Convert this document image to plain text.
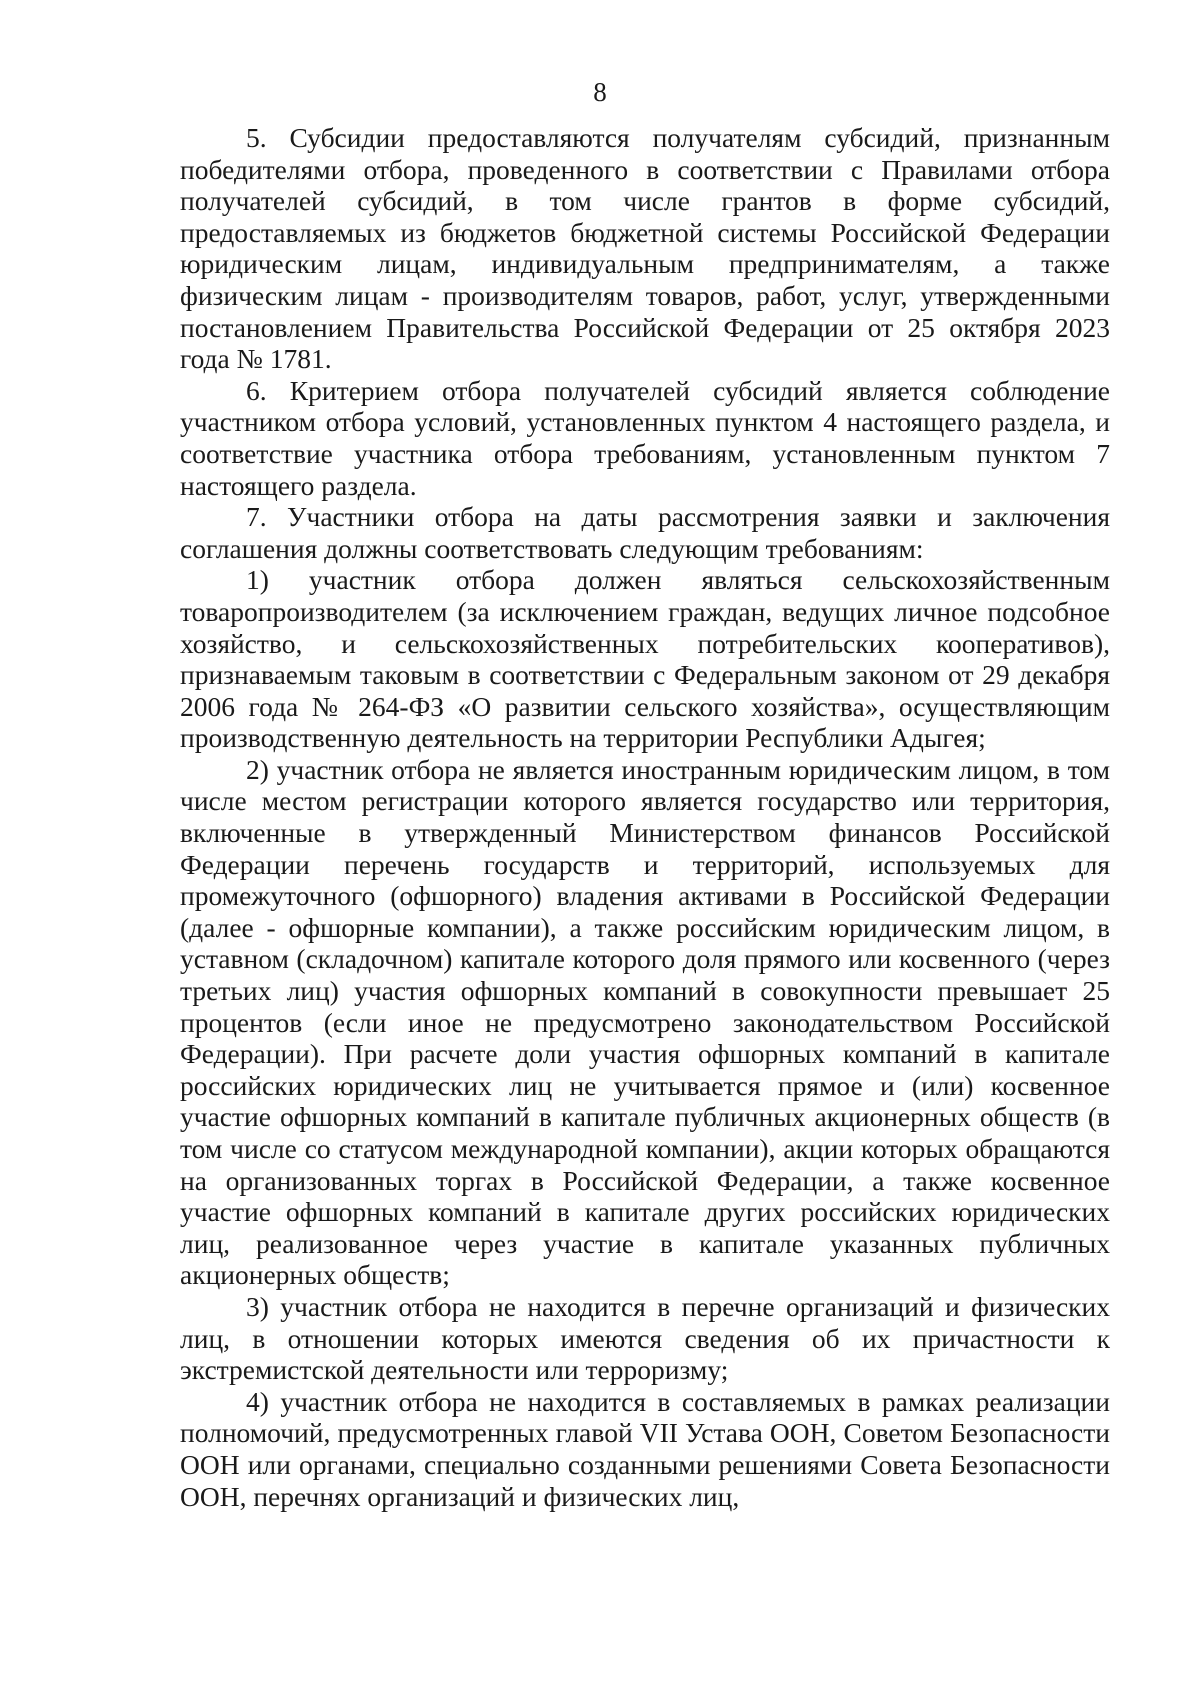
8

5. Субсидии предоставляются получателям субсидий, признанным победителями отбора, проведенного в соответствии с Правилами отбора получателей субсидий, в том числе грантов в форме субсидий, предоставляемых из бюджетов бюджетной системы Российской Федерации юридическим лицам, индивидуальным предпринимателям, а также физическим лицам - производителям товаров, работ, услуг, утвержденными постановлением Правительства Российской Федерации от 25 октября 2023 года № 1781.

6. Критерием отбора получателей субсидий является соблюдение участником отбора условий, установленных пунктом 4 настоящего раздела, и соответствие участника отбора требованиям, установленным пунктом 7 настоящего раздела.

7. Участники отбора на даты рассмотрения заявки и заключения соглашения должны соответствовать следующим требованиям:

1) участник отбора должен являться сельскохозяйственным товаропроизводителем (за исключением граждан, ведущих личное подсобное хозяйство, и сельскохозяйственных потребительских кооперативов), признаваемым таковым в соответствии с Федеральным законом от 29 декабря 2006 года № 264-ФЗ «О развитии сельского хозяйства», осуществляющим производственную деятельность на территории Республики Адыгея;

2) участник отбора не является иностранным юридическим лицом, в том числе местом регистрации которого является государство или территория, включенные в утвержденный Министерством финансов Российской Федерации перечень государств и территорий, используемых для промежуточного (офшорного) владения активами в Российской Федерации (далее - офшорные компании), а также российским юридическим лицом, в уставном (складочном) капитале которого доля прямого или косвенного (через третьих лиц) участия офшорных компаний в совокупности превышает 25 процентов (если иное не предусмотрено законодательством Российской Федерации). При расчете доли участия офшорных компаний в капитале российских юридических лиц не учитывается прямое и (или) косвенное участие офшорных компаний в капитале публичных акционерных обществ (в том числе со статусом международной компании), акции которых обращаются на организованных торгах в Российской Федерации, а также косвенное участие офшорных компаний в капитале других российских юридических лиц, реализованное через участие в капитале указанных публичных акционерных обществ;

3) участник отбора не находится в перечне организаций и физических лиц, в отношении которых имеются сведения об их причастности к экстремистской деятельности или терроризму;

4) участник отбора не находится в составляемых в рамках реализации полномочий, предусмотренных главой VII Устава ООН, Советом Безопасности ООН или органами, специально созданными решениями Совета Безопасности ООН, перечнях организаций и физических лиц,
